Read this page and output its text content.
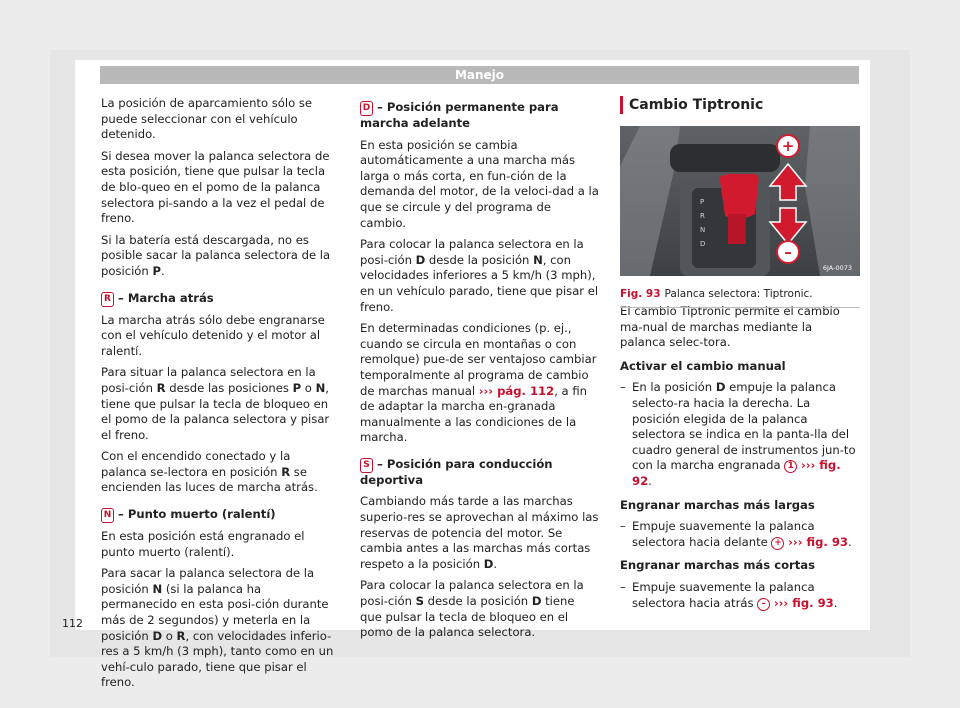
Manejo

La posición de aparcamiento sólo se puede seleccionar con el vehículo detenido.

Si desea mover la palanca selectora de esta posición, tiene que pulsar la tecla de blo-queo en el pomo de la palanca selectora pi-sando a la vez el pedal de freno.

Si la batería está descargada, no es posible sacar la palanca selectora de la posición P.

R – Marcha atrás

La marcha atrás sólo debe engranarse con el vehículo detenido y el motor al ralentí.

Para situar la palanca selectora en la posi-ción R desde las posiciones P o N, tiene que pulsar la tecla de bloqueo en el pomo de la palanca selectora y pisar el freno.

Con el encendido conectado y la palanca se-lectora en posición R se encienden las luces de marcha atrás.

N – Punto muerto (ralentí)

En esta posición está engranado el punto muerto (ralentí).

Para sacar la palanca selectora de la posición N (si la palanca ha permanecido en esta posi-ción durante más de 2 segundos) y meterla en la posición D o R, con velocidades inferio-res a 5 km/h (3 mph), tanto como en un vehí-culo parado, tiene que pisar el freno.

D – Posición permanente para marcha adelante

En esta posición se cambia automáticamente a una marcha más larga o más corta, en fun-ción de la demanda del motor, de la veloci-dad a la que se circule y del programa de cambio.

Para colocar la palanca selectora en la posi-ción D desde la posición N, con velocidades inferiores a 5 km/h (3 mph), en un vehículo parado, tiene que pisar el freno.

En determinadas condiciones (p. ej., cuando se circula en montañas o con remolque) pue-de ser ventajoso cambiar temporalmente al programa de cambio de marchas manual ››› pág. 112, a fin de adaptar la marcha en-granada manualmente a las condiciones de la marcha.

S – Posición para conducción deportiva

Cambiando más tarde a las marchas superio-res se aprovechan al máximo las reservas de potencia del motor. Se cambia antes a las marchas más cortas respeto a la posición D.

Para colocar la palanca selectora en la posi-ción S desde la posición D tiene que pulsar la tecla de bloqueo en el pomo de la palanca selectora.

Cambio Tiptronic

P
R
N
D
+
–
6JA-0073

Fig. 93 Palanca selectora: Tiptronic.

El cambio Tiptronic permite el cambio ma-nual de marchas mediante la palanca selec-tora.

Activar el cambio manual

– En la posición D empuje la palanca selecto-ra hacia la derecha. La posición elegida de la palanca selectora se indica en la panta-lla del cuadro general de instrumentos jun-to con la marcha engranada 1 ››› fig. 92.

Engranar marchas más largas

– Empuje suavemente la palanca selectora hacia delante + ››› fig. 93.

Engranar marchas más cortas

– Empuje suavemente la palanca selectora hacia atrás – ››› fig. 93.

112
